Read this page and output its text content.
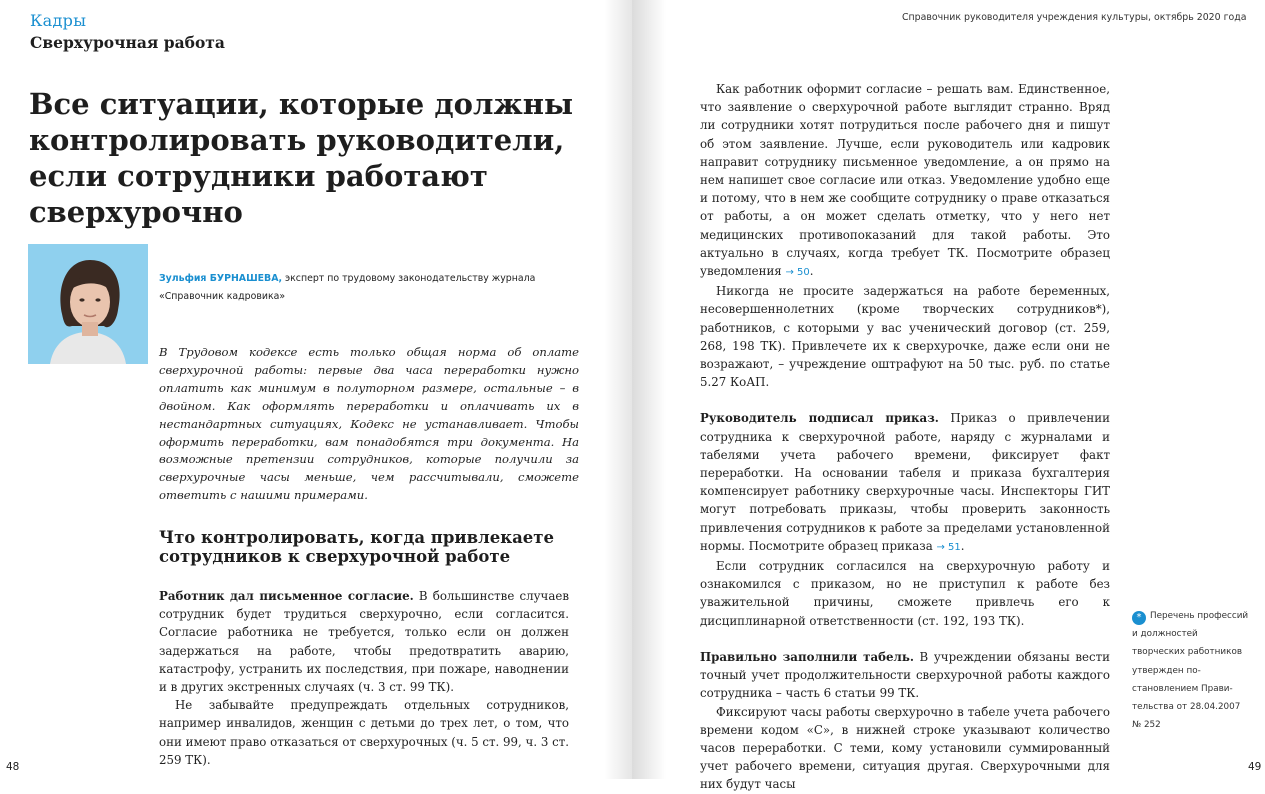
Кадры
Сверхурочная работа
Все ситуации, которые должны контролировать руководители, если сотрудники работают сверхурочно
Зульфия БУРНАШЕВА, эксперт по трудовому законодательству журнала «Справочник кадровика»

В Трудовом кодексе есть только общая норма об оплате сверхурочной работы: первые два часа переработки нужно оплатить как минимум в полуторном размере, остальные – в двойном. Как оформлять переработки и оплачивать их в нестандартных ситуациях, Кодекс не устанавливает. Чтобы оформить переработки, вам понадобятся три документа. На возможные претензии сотрудников, которые получили за сверхурочные часы меньше, чем рассчитывали, сможете ответить с нашими примерами.

Что контролировать, когда привлекаете сотрудников к сверхурочной работе

Работник дал письменное согласие. В большинстве случаев сотрудник будет трудиться сверхурочно, если согласится. Согласие работника не требуется, только если он должен задержаться на работе, чтобы предотвратить аварию, катастрофу, устранить их последствия, при пожаре, наводнении и в других экстренных случаях (ч. 3 ст. 99 ТК).

Не забывайте предупреждать отдельных сотрудников, например инвалидов, женщин с детьми до трех лет, о том, что они имеют право отказаться от сверхурочных (ч. 5 ст. 99, ч. 3 ст. 259 ТК).

48
Справочник руководителя учреждения культуры, октябрь 2020 года

Как работник оформит согласие – решать вам. Единственное, что заявление о сверхурочной работе выглядит странно. Вряд ли сотрудники хотят потрудиться после рабочего дня и пишут об этом заявление. Лучше, если руководитель или кадровик направит сотруднику письменное уведомление, а он прямо на нем напишет свое согласие или отказ. Уведомление удобно еще и потому, что в нем же сообщите сотруднику о праве отказаться от работы, а он может сделать отметку, что у него нет медицинских противопоказаний для такой работы. Это актуально в случаях, когда требует ТК. Посмотрите образец уведомления → 50.

Никогда не просите задержаться на работе беременных, несовершеннолетних (кроме творческих сотрудников*), работников, с которыми у вас ученический договор (ст. 259, 268, 198 ТК). Привлечете их к сверхурочке, даже если они не возражают, – учреждение оштрафуют на 50 тыс. руб. по статье 5.27 КоАП.

Руководитель подписал приказ. Приказ о привлечении сотрудника к сверхурочной работе, наряду с журналами и табелями учета рабочего времени, фиксирует факт переработки. На основании табеля и приказа бухгалтерия компенсирует работнику сверхурочные часы. Инспекторы ГИТ могут потребовать приказы, чтобы проверить законность привлечения сотрудников к работе за пределами установленной нормы. Посмотрите образец приказа → 51.

Если сотрудник согласился на сверхурочную работу и ознакомился с приказом, но не приступил к работе без уважительной причины, сможете привлечь его к дисциплинарной ответственности (ст. 192, 193 ТК).

Правильно заполнили табель. В учреждении обязаны вести точный учет продолжительности сверхурочной работы каждого сотрудника – часть 6 статьи 99 ТК.

Фиксируют часы работы сверхурочно в табеле учета рабочего времени кодом «С», в нижней строке указывают количество часов переработки. С теми, кому установили суммированный учет рабочего времени, ситуация другая. Сверхурочными для них будут часы

* Перечень профессий и должностей творческих работников утвержден постановлением Правительства от 28.04.2007 № 252
49
